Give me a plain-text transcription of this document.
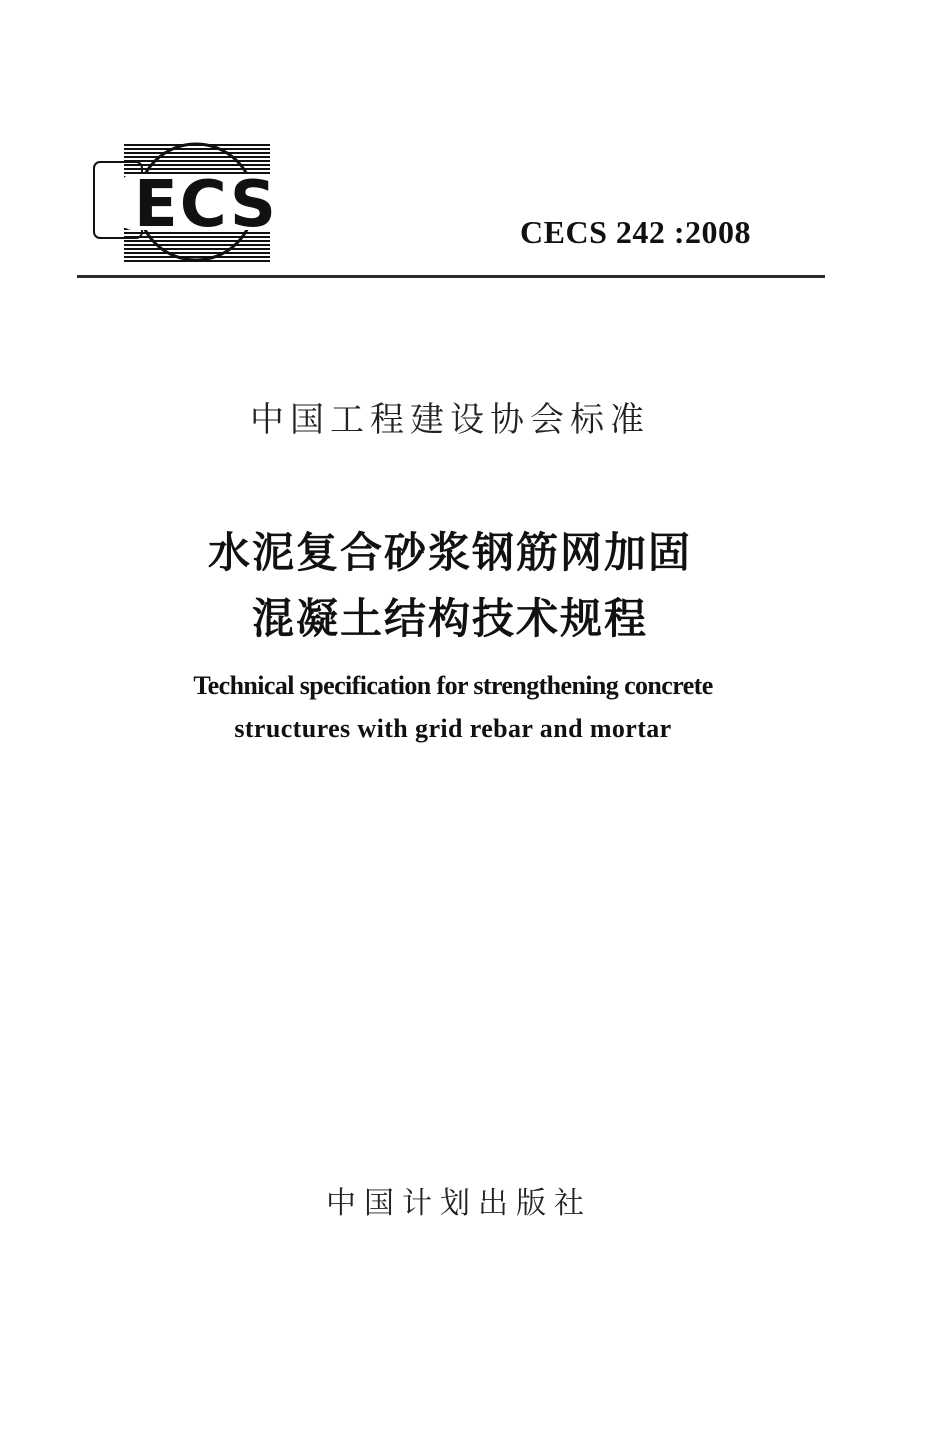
ECS	CECS 242 :2008
中国工程建设协会标准
水泥复合砂浆钢筋网加固
混凝土结构技术规程
Technical specification for strengthening concrete
structures with grid rebar and mortar
中国计划出版社
